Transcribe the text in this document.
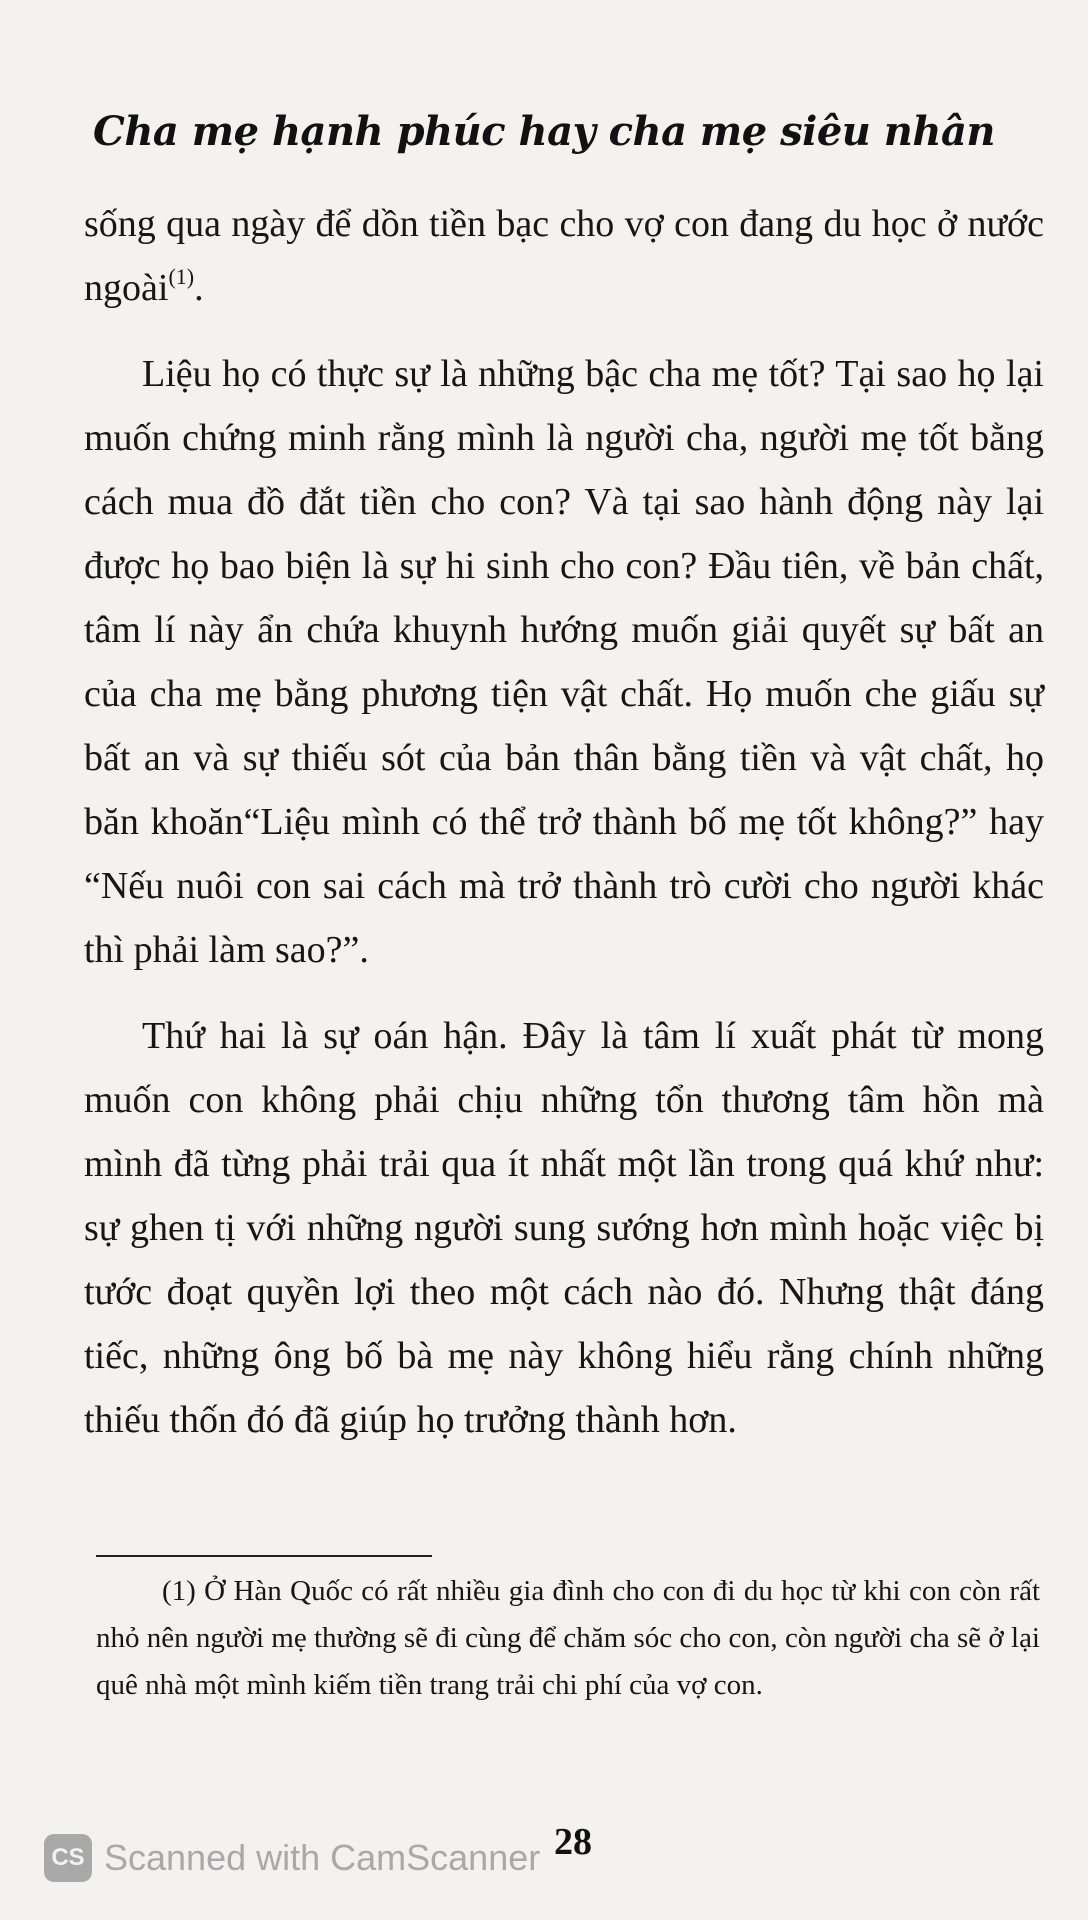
Cha mẹ hạnh phúc hay cha mẹ siêu nhân

sống qua ngày để dồn tiền bạc cho vợ con đang du học ở nước ngoài$^{(1)}$.

Liệu họ có thực sự là những bậc cha mẹ tốt? Tại sao họ lại muốn chứng minh rằng mình là người cha, người mẹ tốt bằng cách mua đồ đắt tiền cho con? Và tại sao hành động này lại được họ bao biện là sự hi sinh cho con? Đầu tiên, về bản chất, tâm lí này ẩn chứa khuynh hướng muốn giải quyết sự bất an của cha mẹ bằng phương tiện vật chất. Họ muốn che giấu sự bất an và sự thiếu sót của bản thân bằng tiền và vật chất, họ băn khoăn“Liệu mình có thể trở thành bố mẹ tốt không?” hay “Nếu nuôi con sai cách mà trở thành trò cười cho người khác thì phải làm sao?”.

Thứ hai là sự oán hận. Đây là tâm lí xuất phát từ mong muốn con không phải chịu những tổn thương tâm hồn mà mình đã từng phải trải qua ít nhất một lần trong quá khứ như: sự ghen tị với những người sung sướng hơn mình hoặc việc bị tước đoạt quyền lợi theo một cách nào đó. Nhưng thật đáng tiếc, những ông bố bà mẹ này không hiểu rằng chính những thiếu thốn đó đã giúp họ trưởng thành hơn.

(1) Ở Hàn Quốc có rất nhiều gia đình cho con đi du học từ khi con còn rất nhỏ nên người mẹ thường sẽ đi cùng để chăm sóc cho con, còn người cha sẽ ở lại quê nhà một mình kiếm tiền trang trải chi phí của vợ con.

28
CS Scanned with CamScanner
